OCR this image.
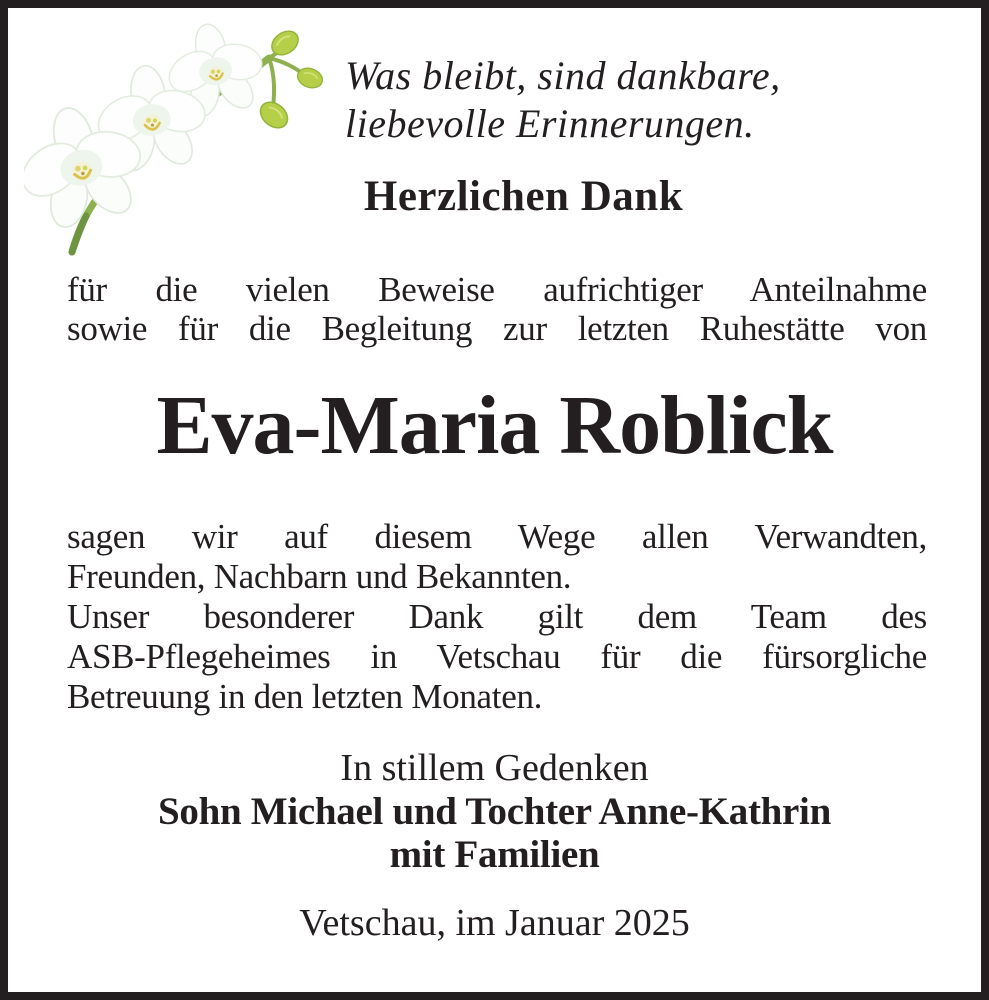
Was bleibt, sind dankbare,
liebevolle Erinnerungen.
Herzlichen Dank
für die vielen Beweise aufrichtiger Anteilnahme
sowie für die Begleitung zur letzten Ruhestätte von
Eva-Maria Roblick
sagen wir auf diesem Wege allen Verwandten,
Freunden, Nachbarn und Bekannten.
Unser besonderer Dank gilt dem Team des
ASB-Pflegeheimes in Vetschau für die fürsorgliche
Betreuung in den letzten Monaten.
In stillem Gedenken
Sohn Michael und Tochter Anne-Kathrin
mit Familien
Vetschau, im Januar 2025
